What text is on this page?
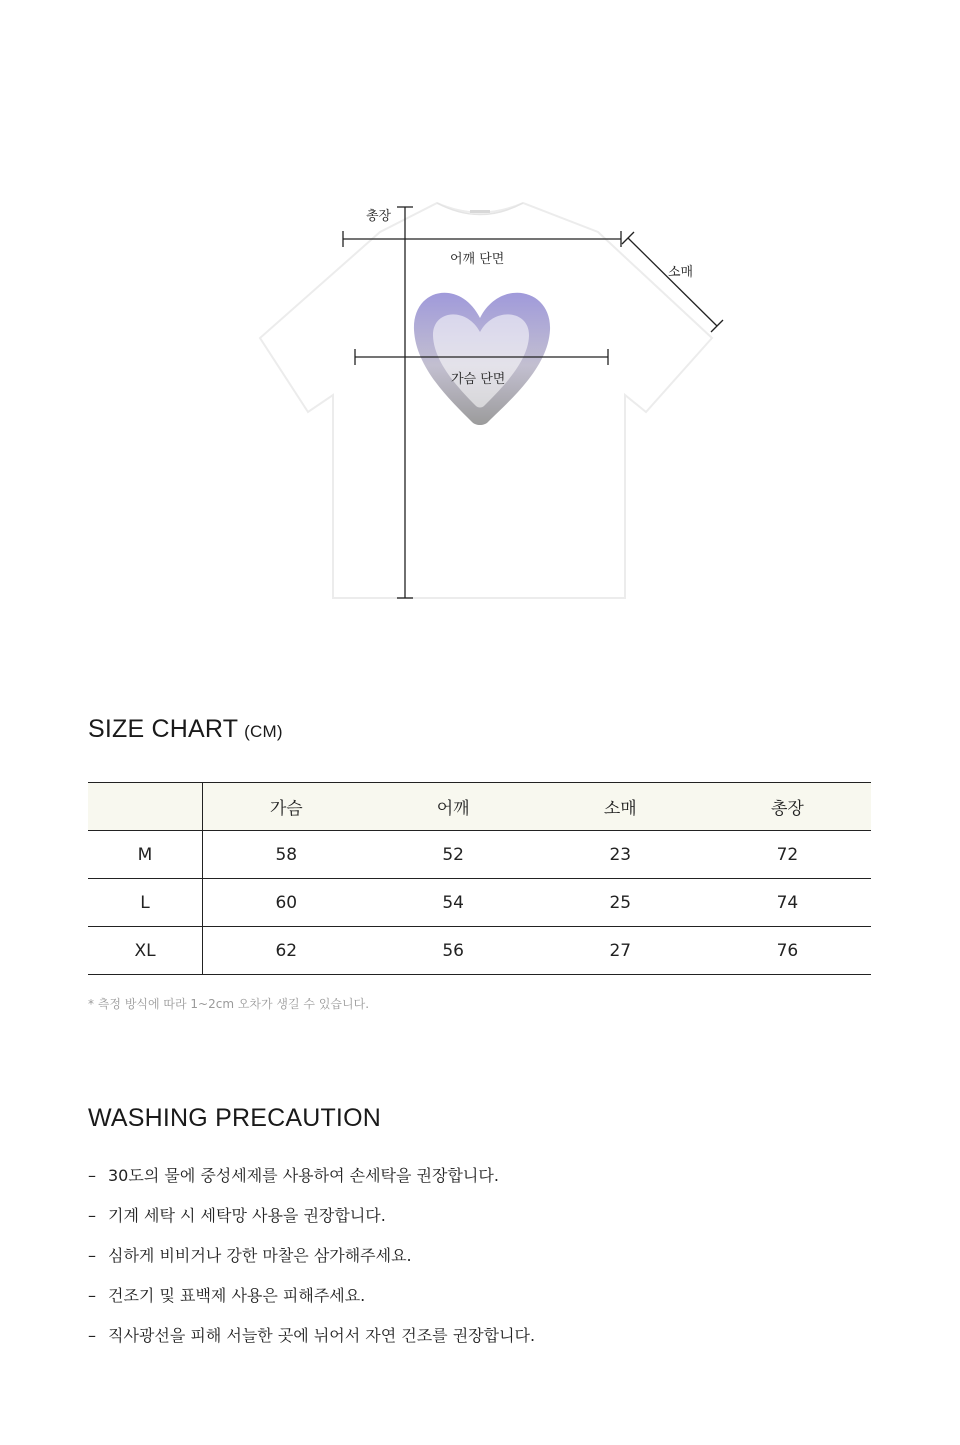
총장
어깨 단면
소매
가슴 단면
SIZE CHART (CM)
	가슴	어깨	소매	총장
M	58	52	23	72
L	60	54	25	74
XL	62	56	27	76
* 측정 방식에 따라 1~2cm 오차가 생길 수 있습니다.
WASHING PRECAUTION
– 30도의 물에 중성세제를 사용하여 손세탁을 권장합니다.
– 기계 세탁 시 세탁망 사용을 권장합니다.
– 심하게 비비거나 강한 마찰은 삼가해주세요.
– 건조기 및 표백제 사용은 피해주세요.
– 직사광선을 피해 서늘한 곳에 뉘어서 자연 건조를 권장합니다.
